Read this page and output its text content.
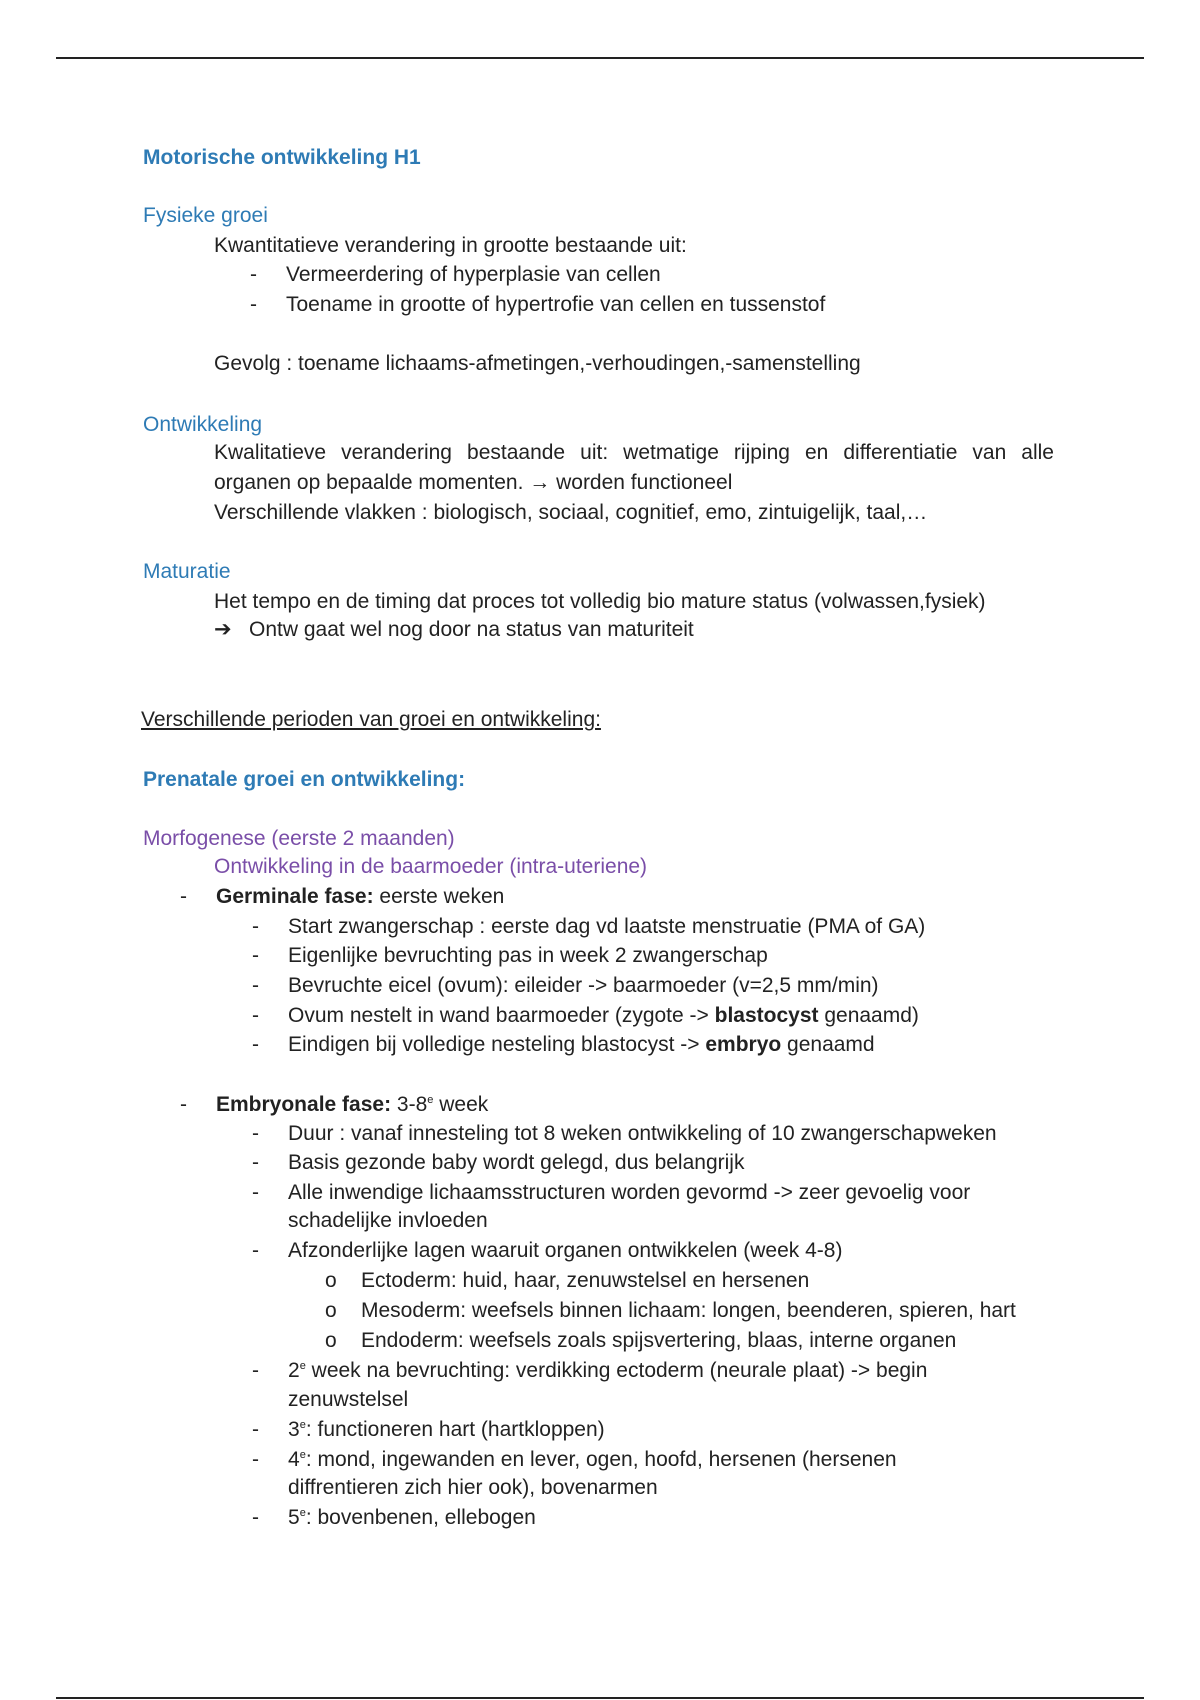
Motorische ontwikkeling H1
Fysieke groei
Kwantitatieve verandering in grootte bestaande uit:
- Vermeerdering of hyperplasie van cellen
- Toename in grootte of hypertrofie van cellen en tussenstof
Gevolg : toename lichaams-afmetingen,-verhoudingen,-samenstelling
Ontwikkeling
Kwalitatieve verandering bestaande uit: wetmatige rijping en differentiatie van alle
organen op bepaalde momenten. → worden functioneel
Verschillende vlakken : biologisch, sociaal, cognitief, emo, zintuigelijk, taal,…
Maturatie
Het tempo en de timing dat proces tot volledig bio mature status (volwassen,fysiek)
➔ Ontw gaat wel nog door na status van maturiteit
Verschillende perioden van groei en ontwikkeling:
Prenatale groei en ontwikkeling:
Morfogenese (eerste 2 maanden)
Ontwikkeling in de baarmoeder (intra-uteriene)
- Germinale fase: eerste weken
- Start zwangerschap : eerste dag vd laatste menstruatie (PMA of GA)
- Eigenlijke bevruchting pas in week 2 zwangerschap
- Bevruchte eicel (ovum): eileider -> baarmoeder (v=2,5 mm/min)
- Ovum nestelt in wand baarmoeder (zygote -> blastocyst genaamd)
- Eindigen bij volledige nesteling blastocyst -> embryo genaamd
- Embryonale fase: 3-8e week
- Duur : vanaf innesteling tot 8 weken ontwikkeling of 10 zwangerschapweken
- Basis gezonde baby wordt gelegd, dus belangrijk
- Alle inwendige lichaamsstructuren worden gevormd -> zeer gevoelig voor
schadelijke invloeden
- Afzonderlijke lagen waaruit organen ontwikkelen (week 4-8)
o Ectoderm: huid, haar, zenuwstelsel en hersenen
o Mesoderm: weefsels binnen lichaam: longen, beenderen, spieren, hart
o Endoderm: weefsels zoals spijsvertering, blaas, interne organen
- 2e week na bevruchting: verdikking ectoderm (neurale plaat) -> begin
zenuwstelsel
- 3e: functioneren hart (hartkloppen)
- 4e: mond, ingewanden en lever, ogen, hoofd, hersenen (hersenen
diffrentieren zich hier ook), bovenarmen
- 5e: bovenbenen, ellebogen
